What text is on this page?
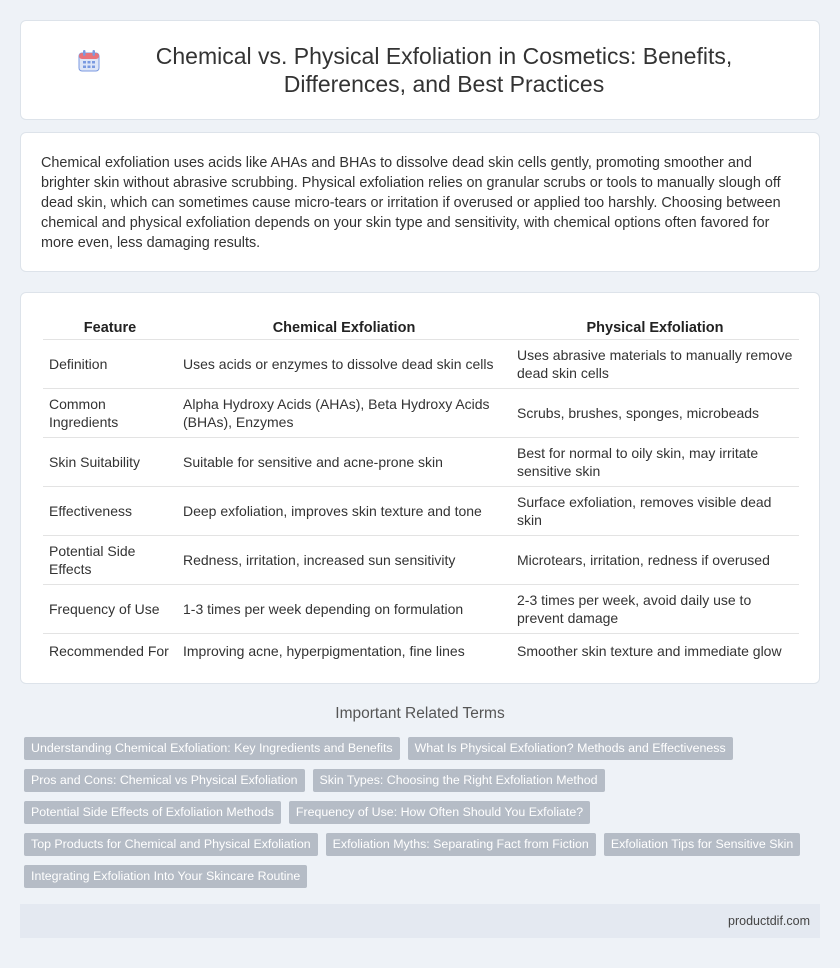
Chemical vs. Physical Exfoliation in Cosmetics: Benefits, Differences, and Best Practices

Chemical exfoliation uses acids like AHAs and BHAs to dissolve dead skin cells gently, promoting smoother and brighter skin without abrasive scrubbing. Physical exfoliation relies on granular scrubs or tools to manually slough off dead skin, which can sometimes cause micro-tears or irritation if overused or applied too harshly. Choosing between chemical and physical exfoliation depends on your skin type and sensitivity, with chemical options often favored for more even, less damaging results.

Feature	Chemical Exfoliation	Physical Exfoliation
Definition	Uses acids or enzymes to dissolve dead skin cells	Uses abrasive materials to manually remove dead skin cells
Common Ingredients	Alpha Hydroxy Acids (AHAs), Beta Hydroxy Acids (BHAs), Enzymes	Scrubs, brushes, sponges, microbeads
Skin Suitability	Suitable for sensitive and acne-prone skin	Best for normal to oily skin, may irritate sensitive skin
Effectiveness	Deep exfoliation, improves skin texture and tone	Surface exfoliation, removes visible dead skin
Potential Side Effects	Redness, irritation, increased sun sensitivity	Microtears, irritation, redness if overused
Frequency of Use	1-3 times per week depending on formulation	2-3 times per week, avoid daily use to prevent damage
Recommended For	Improving acne, hyperpigmentation, fine lines	Smoother skin texture and immediate glow
Important Related Terms
Understanding Chemical Exfoliation: Key Ingredients and Benefits	What Is Physical Exfoliation? Methods and Effectiveness
Pros and Cons: Chemical vs Physical Exfoliation	Skin Types: Choosing the Right Exfoliation Method
Potential Side Effects of Exfoliation Methods	Frequency of Use: How Often Should You Exfoliate?
Top Products for Chemical and Physical Exfoliation	Exfoliation Myths: Separating Fact from Fiction	Exfoliation Tips for Sensitive Skin
Integrating Exfoliation Into Your Skincare Routine
productdif.com
